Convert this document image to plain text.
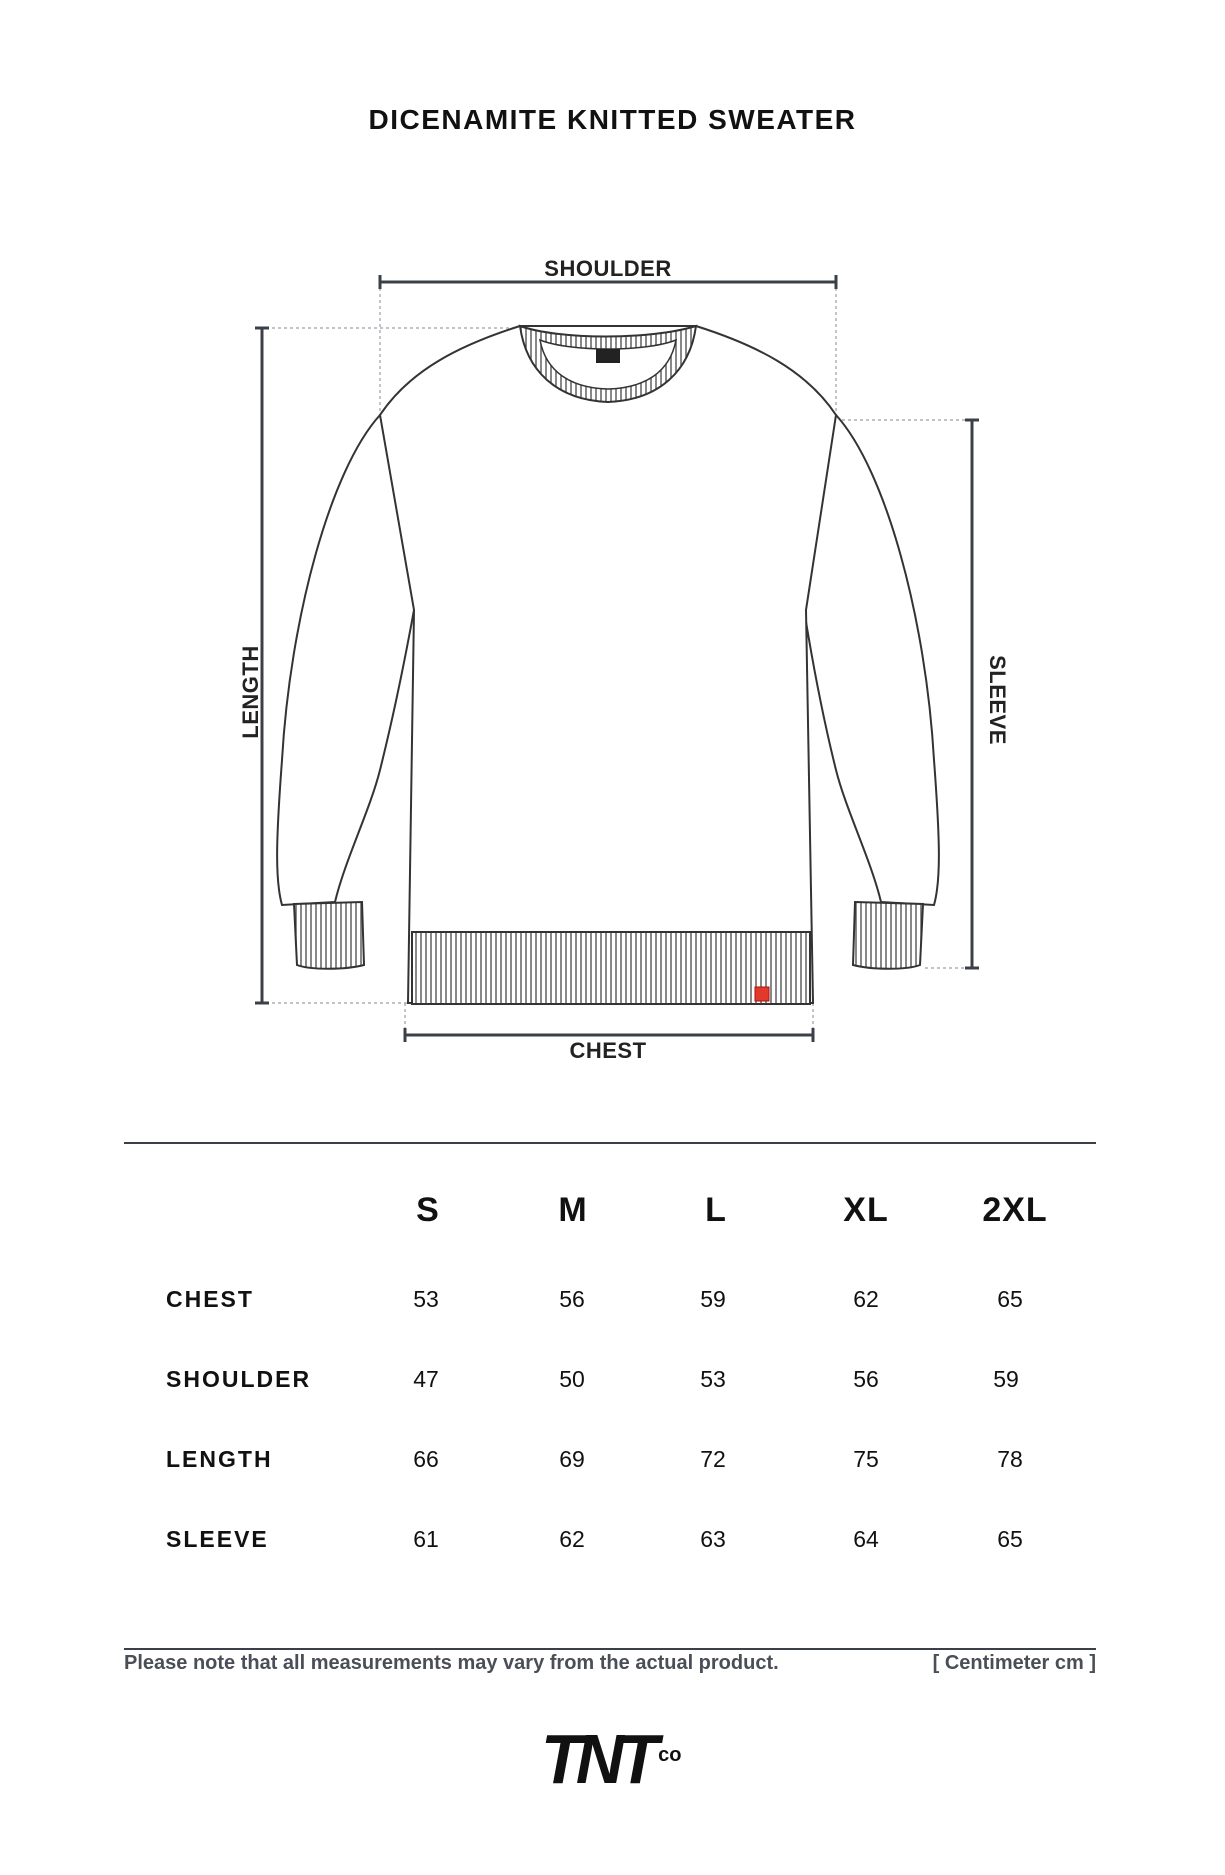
DICENAMITE KNITTED SWEATER
SHOULDER
CHEST
LENGTH	SLEEVE
S	M	L	XL	2XL
CHEST	53	56	59	62	65
SHOULDER	47	50	53	56	59
LENGTH	66	69	72	75	78
SLEEVE	61	62	63	64	65
Please note that all measurements may vary from the actual product.	[ Centimeter cm ]
TNT co
